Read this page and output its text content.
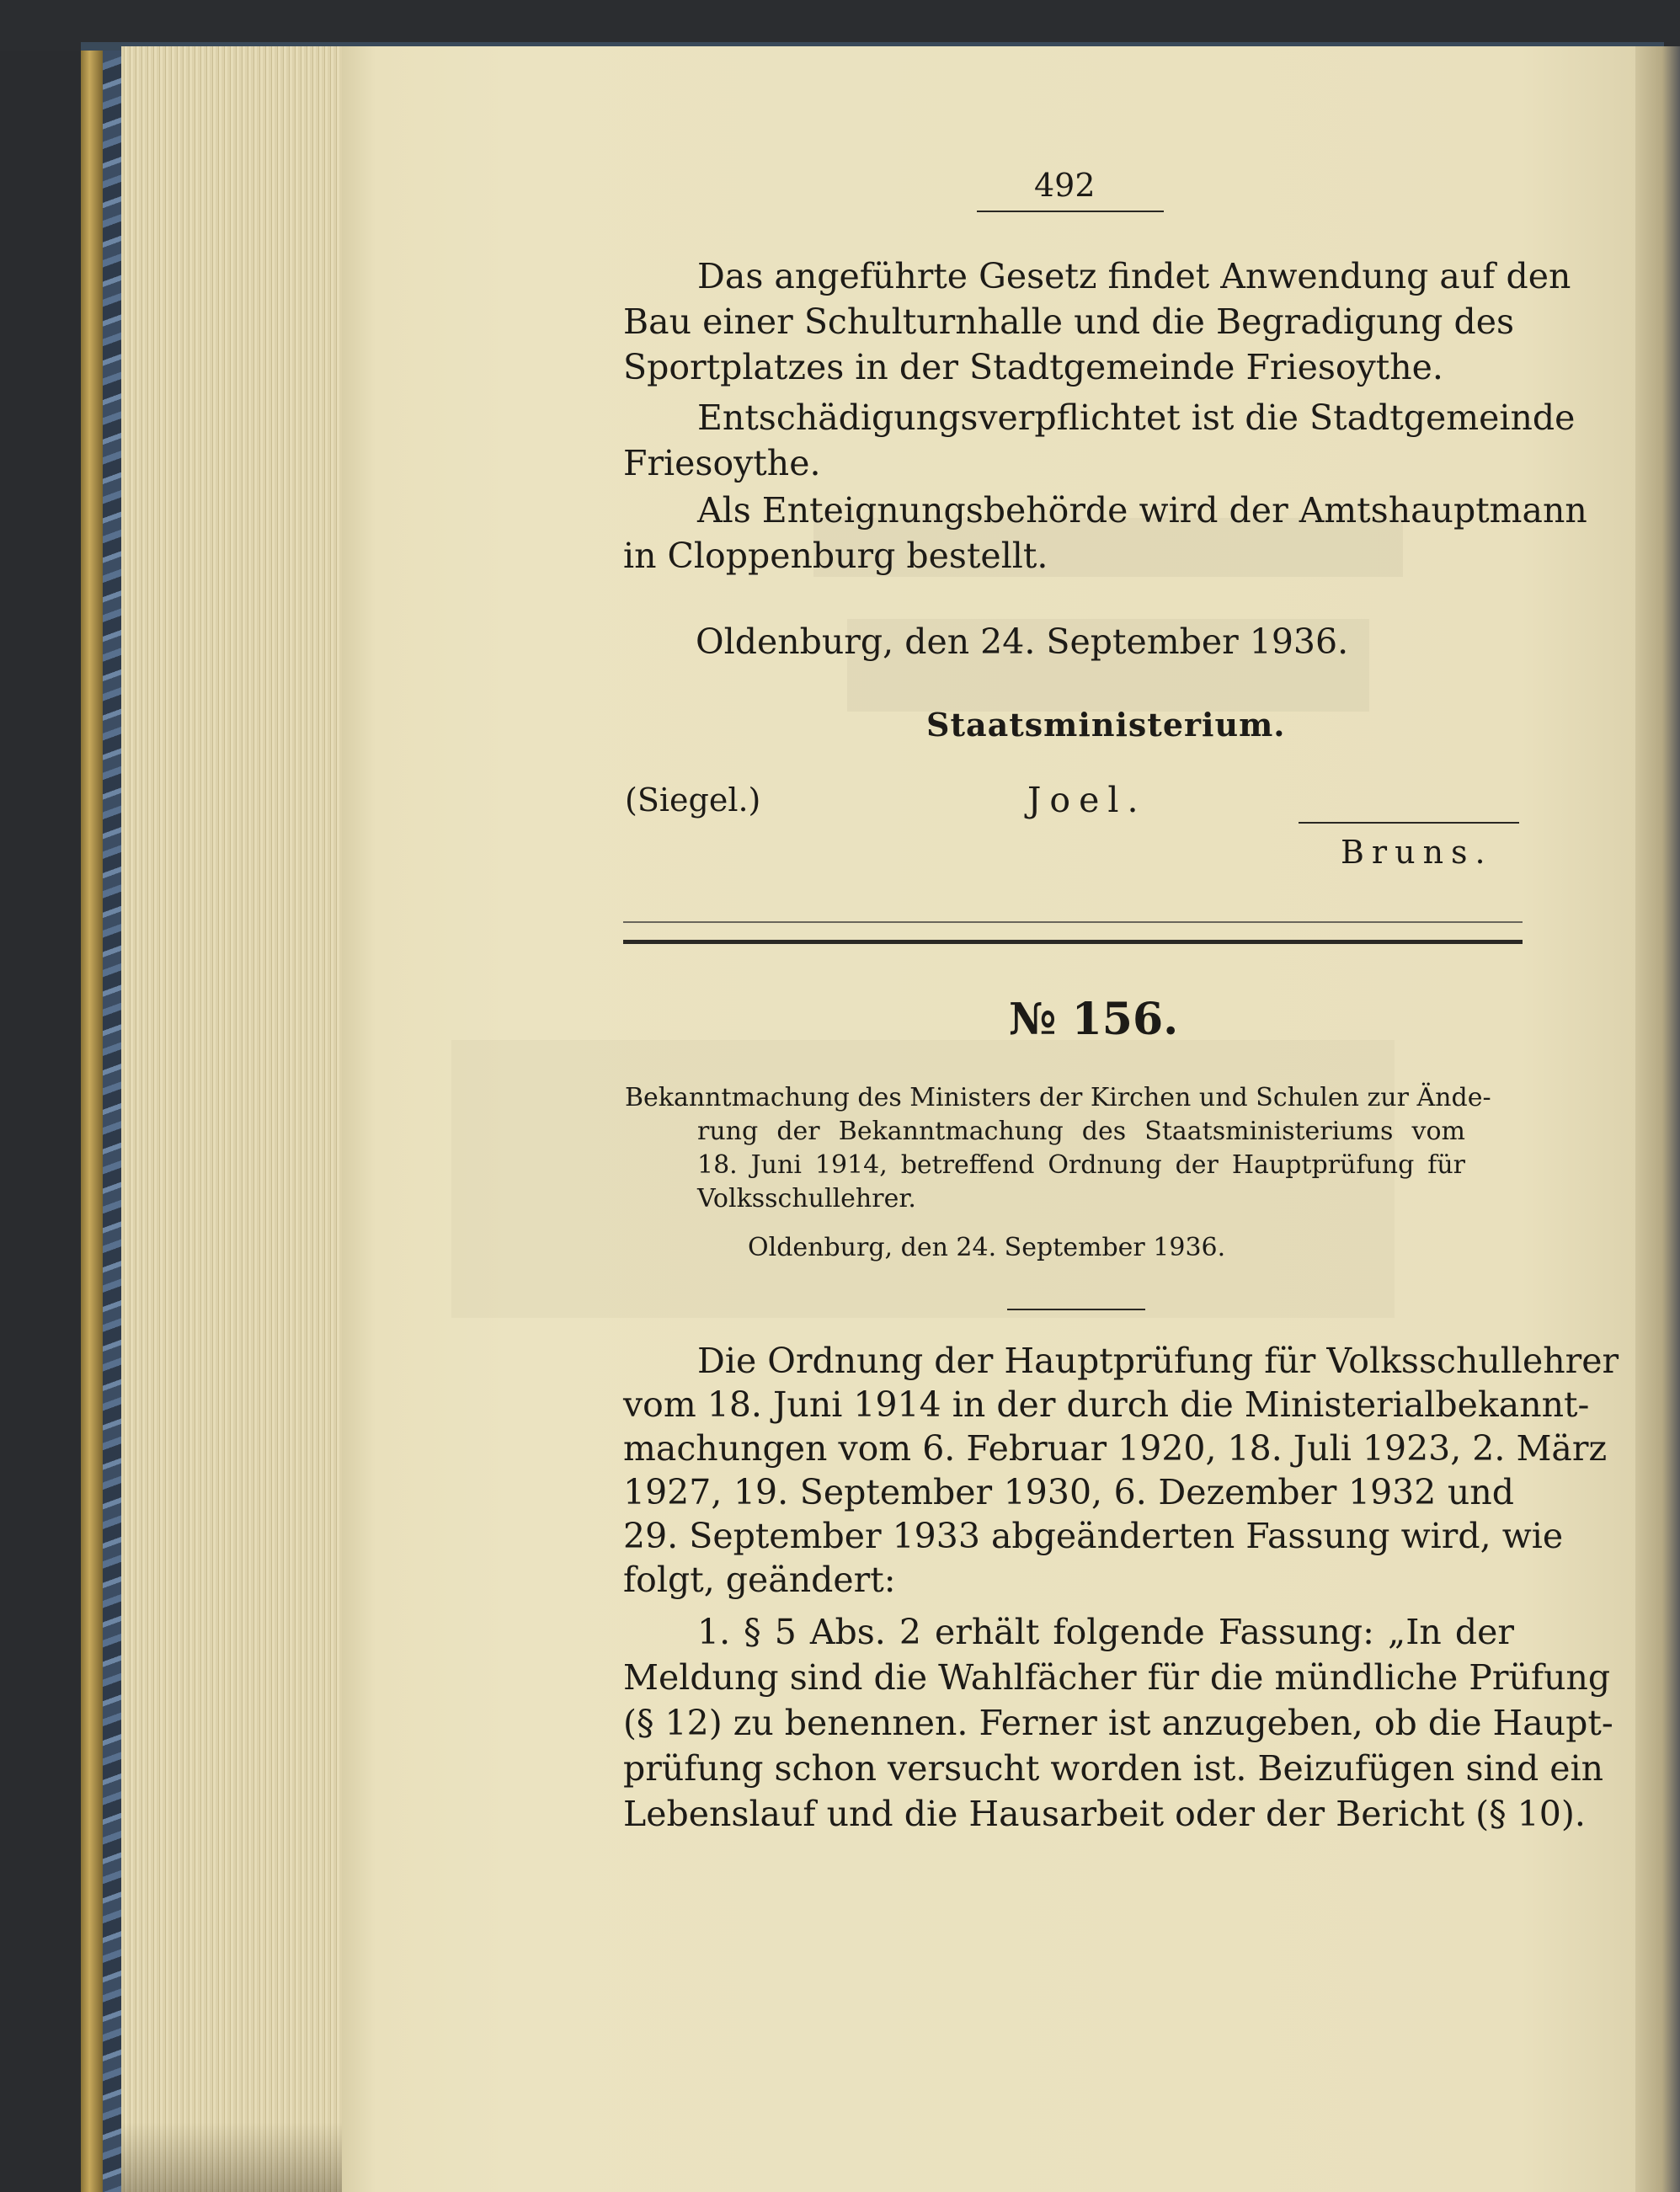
492
Das angeführte Gesetz findet Anwendung auf den
Bau einer Schulturnhalle und die Begradigung des
Sportplatzes in der Stadtgemeinde Friesoythe.
Entschädigungsverpflichtet ist die Stadtgemeinde
Friesoythe.
Als Enteignungsbehörde wird der Amtshauptmann
in Cloppenburg bestellt.
Oldenburg, den 24. September 1936.
Staatsministerium.
(Siegel.)	Joel.
Bruns.
№ 156.
Bekanntmachung des Ministers der Kirchen und Schulen zur Ände-
rung der Bekanntmachung des Staatsministeriums vom
18. Juni 1914, betreffend Ordnung der Hauptprüfung für
Volksschullehrer.
Oldenburg, den 24. September 1936.
Die Ordnung der Hauptprüfung für Volksschullehrer
vom 18. Juni 1914 in der durch die Ministerialbekannt-
machungen vom 6. Februar 1920, 18. Juli 1923, 2. März
1927, 19. September 1930, 6. Dezember 1932 und
29. September 1933 abgeänderten Fassung wird, wie
folgt, geändert:
1. § 5 Abs. 2 erhält folgende Fassung: „In der
Meldung sind die Wahlfächer für die mündliche Prüfung
(§ 12) zu benennen. Ferner ist anzugeben, ob die Haupt-
prüfung schon versucht worden ist. Beizufügen sind ein
Lebenslauf und die Hausarbeit oder der Bericht (§ 10).
